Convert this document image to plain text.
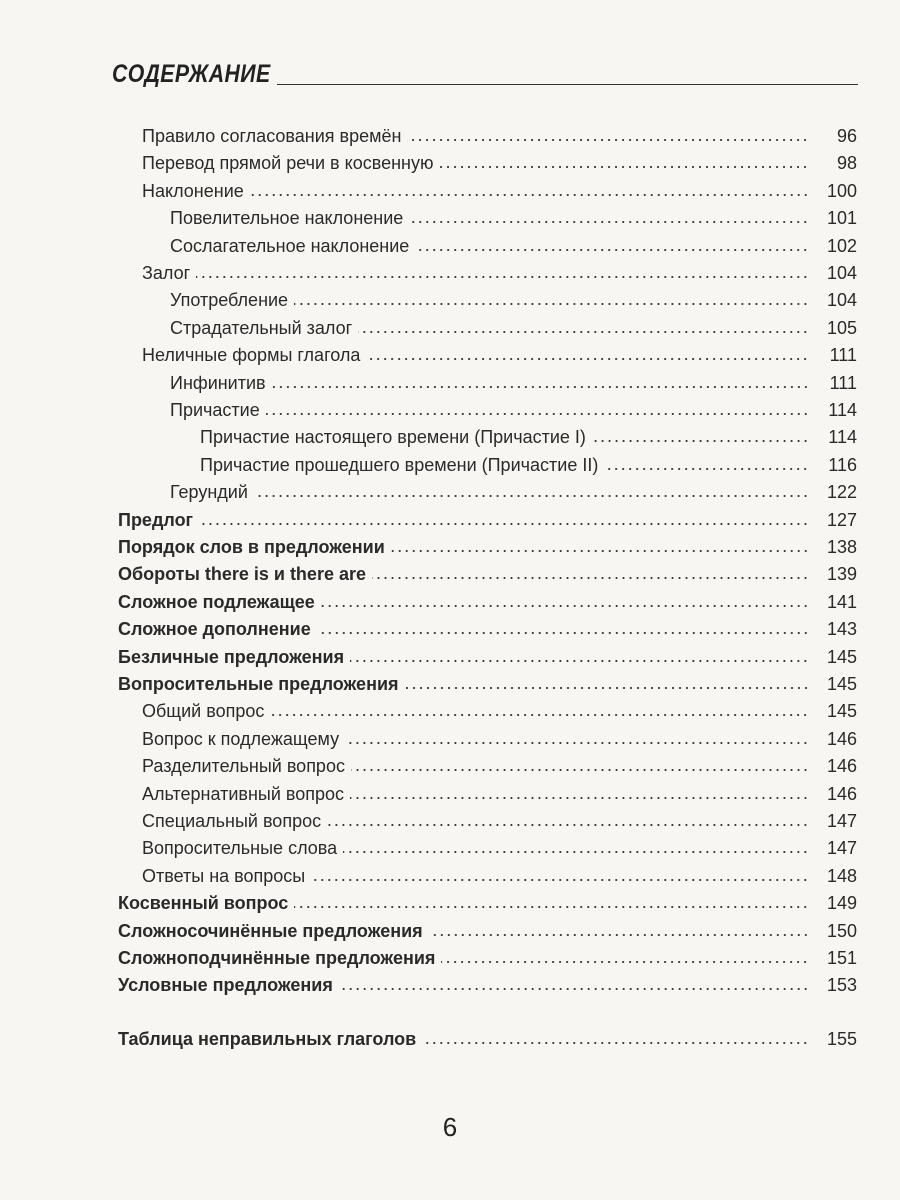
СОДЕРЖАНИЕ
Правило согласования времён	96
Перевод прямой речи в косвенную	98
Наклонение	100
Повелительное наклонение	101
Сослагательное наклонение	102
Залог	104
Употребление	104
Страдательный залог	105
Неличные формы глагола	111
Инфинитив	111
Причастие	114
Причастие настоящего времени (Причастие I)	114
Причастие прошедшего времени (Причастие II)	116
Герундий	122
Предлог	127
Порядок слов в предложении	138
Обороты there is и there are	139
Сложное подлежащее	141
Сложное дополнение	143
Безличные предложения	145
Вопросительные предложения	145
Общий вопрос	145
Вопрос к подлежащему	146
Разделительный вопрос	146
Альтернативный вопрос	146
Специальный вопрос	147
Вопросительные слова	147
Ответы на вопросы	148
Косвенный вопрос	149
Сложносочинённые предложения	150
Сложноподчинённые предложения	151
Условные предложения	153
Таблица неправильных глаголов	155
6
